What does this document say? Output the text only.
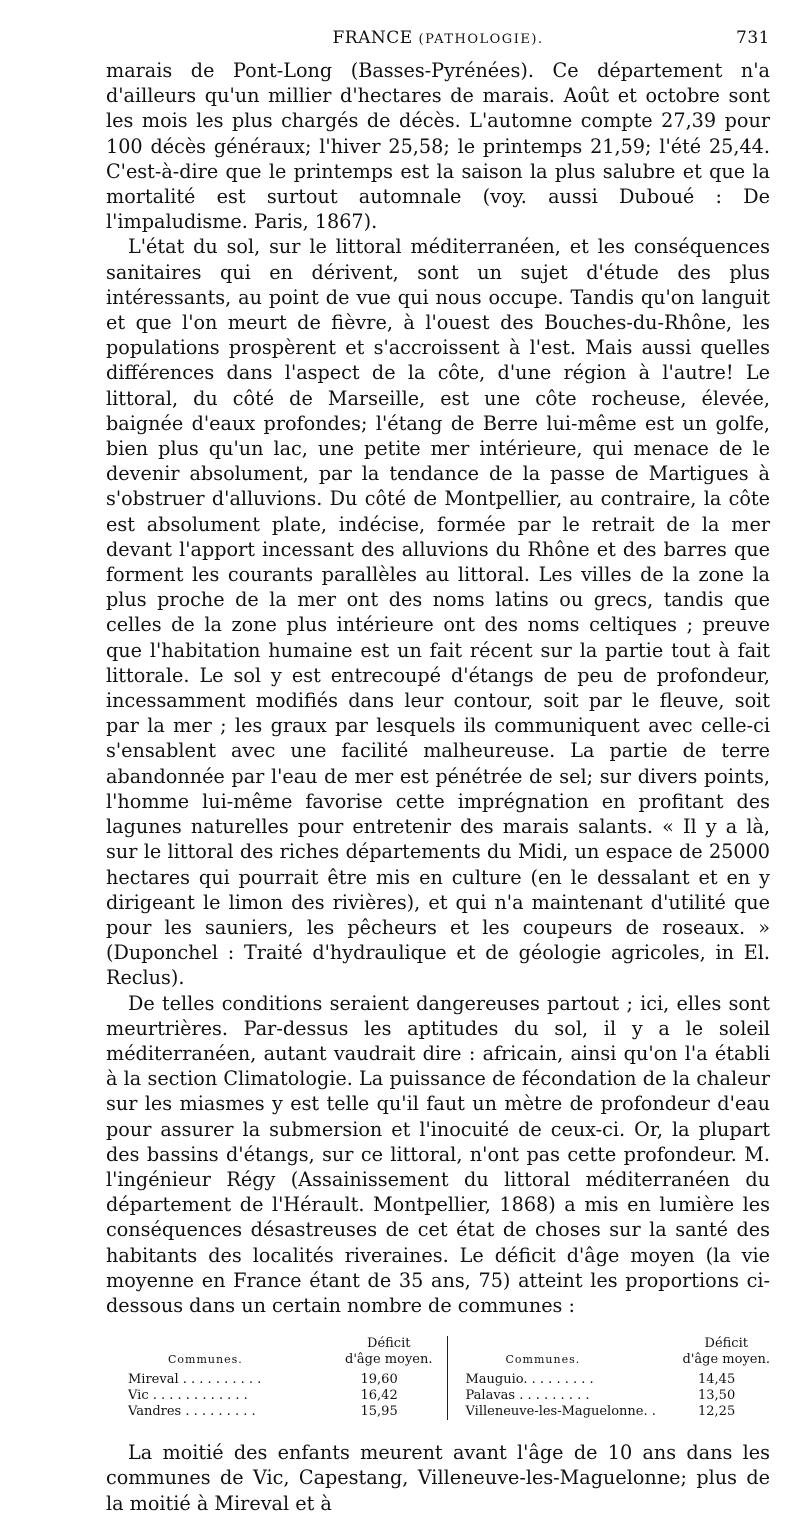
FRANCE (PATHOLOGIE).	731

marais de Pont-Long (Basses-Pyrénées). Ce département n'a d'ailleurs qu'un millier d'hectares de marais. Août et octobre sont les mois les plus chargés de décès. L'automne compte 27,39 pour 100 décès généraux; l'hiver 25,58; le printemps 21,59; l'été 25,44. C'est-à-dire que le printemps est la saison la plus salubre et que la mortalité est surtout automnale (voy. aussi Duboué : De l'impaludisme. Paris, 1867).

L'état du sol, sur le littoral méditerranéen, et les conséquences sanitaires qui en dérivent, sont un sujet d'étude des plus intéressants, au point de vue qui nous occupe. Tandis qu'on languit et que l'on meurt de fièvre, à l'ouest des Bouches-du-Rhône, les populations prospèrent et s'accroissent à l'est. Mais aussi quelles différences dans l'aspect de la côte, d'une région à l'autre! Le littoral, du côté de Marseille, est une côte rocheuse, élevée, baignée d'eaux profondes; l'étang de Berre lui-même est un golfe, bien plus qu'un lac, une petite mer intérieure, qui menace de le devenir absolument, par la tendance de la passe de Martigues à s'obstruer d'alluvions. Du côté de Montpellier, au contraire, la côte est absolument plate, indécise, formée par le retrait de la mer devant l'apport incessant des alluvions du Rhône et des barres que forment les courants parallèles au littoral. Les villes de la zone la plus proche de la mer ont des noms latins ou grecs, tandis que celles de la zone plus intérieure ont des noms celtiques ; preuve que l'habitation humaine est un fait récent sur la partie tout à fait littorale. Le sol y est entrecoupé d'étangs de peu de profondeur, incessamment modifiés dans leur contour, soit par le fleuve, soit par la mer ; les graux par lesquels ils communiquent avec celle-ci s'ensablent avec une facilité malheureuse. La partie de terre abandonnée par l'eau de mer est pénétrée de sel; sur divers points, l'homme lui-même favorise cette imprégnation en profitant des lagunes naturelles pour entretenir des marais salants. « Il y a là, sur le littoral des riches départements du Midi, un espace de 25000 hectares qui pourrait être mis en culture (en le dessalant et en y dirigeant le limon des rivières), et qui n'a maintenant d'utilité que pour les sauniers, les pêcheurs et les coupeurs de roseaux. » (Duponchel : Traité d'hydraulique et de géologie agricoles, in El. Reclus).

De telles conditions seraient dangereuses partout ; ici, elles sont meurtrières. Par-dessus les aptitudes du sol, il y a le soleil méditerranéen, autant vaudrait dire : africain, ainsi qu'on l'a établi à la section Climatologie. La puissance de fécondation de la chaleur sur les miasmes y est telle qu'il faut un mètre de profondeur d'eau pour assurer la submersion et l'inocuité de ceux-ci. Or, la plupart des bassins d'étangs, sur ce littoral, n'ont pas cette profondeur. M. l'ingénieur Régy (Assainissement du littoral méditerranéen du département de l'Hérault. Montpellier, 1868) a mis en lumière les conséquences désastreuses de cet état de choses sur la santé des habitants des localités riveraines. Le déficit d'âge moyen (la vie moyenne en France étant de 35 ans, 75) atteint les proportions ci-dessous dans un certain nombre de communes :

Communes.
Déficit
d'âge moyen.
Mireval . . . . . . . . . .	19,60
Vic . . . . . . . . . . . .	16,42
Vandres . . . . . . . . .	15,95
Communes.
Déficit
d'âge moyen.
Mauguio. . . . . . . . .	14,45
Palavas . . . . . . . . .	13,50
Villeneuve-les-Maguelonne. .	12,25

La moitié des enfants meurent avant l'âge de 10 ans dans les communes de Vic, Capestang, Villeneuve-les-Maguelonne; plus de la moitié à Mireval et à
